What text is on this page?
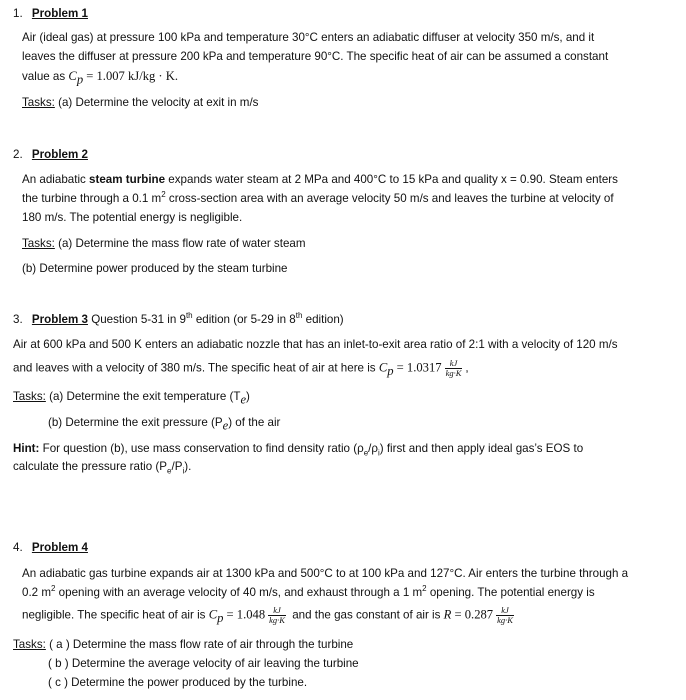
1. Problem 1
Air (ideal gas) at pressure 100 kPa and temperature 30°C enters an adiabatic diffuser at velocity 350 m/s, and it
leaves the diffuser at pressure 200 kPa and temperature 90°C. The specific heat of air can be assumed a constant
value as $C_p = 1.007$ kJ/kg · K.
Tasks: (a) Determine the velocity at exit in m/s
2. Problem 2
An adiabatic steam turbine expands water steam at 2 MPa and 400°C to 15 kPa and quality x = 0.90. Steam enters
the turbine through a 0.1 $m^2$ cross-section area with an average velocity 50 m/s and leaves the turbine at velocity of
180 m/s. The potential energy is negligible.
Tasks: (a) Determine the mass flow rate of water steam
(b) Determine power produced by the steam turbine
3. Problem 3 Question 5-31 in 9th edition (or 5-29 in 8th edition)
Air at 600 kPa and 500 K enters an adiabatic nozzle that has an inlet-to-exit area ratio of 2:1 with a velocity of 120 m/s
and leaves with a velocity of 380 m/s. The specific heat of air at here is $C_p = 1.0317 \frac{kJ}{kg\cdot K}$ ,
Tasks: (a) Determine the exit temperature $(T_e)$
(b) Determine the exit pressure $(P_e)$ of the air
Hint: For question (b), use mass conservation to find density ratio $(\rho_e/\rho_i)$ first and then apply ideal gas’s EOS to
calculate the pressure ratio $(P_e/P_i)$.
4. Problem 4
An adiabatic gas turbine expands air at 1300 kPa and 500°C to at 100 kPa and 127°C. Air enters the turbine through a
0.2 $m^2$ opening with an average velocity of 40 m/s, and exhaust through a 1 $m^2$ opening. The potential energy is
negligible. The specific heat of air is $C_p = 1.048 \frac{kJ}{kg\cdot K}$ and the gas constant of air is $R = 0.287 \frac{kJ}{kg\cdot K}$
Tasks: ( a ) Determine the mass flow rate of air through the turbine
( b ) Determine the average velocity of air leaving the turbine
( c ) Determine the power produced by the turbine.
